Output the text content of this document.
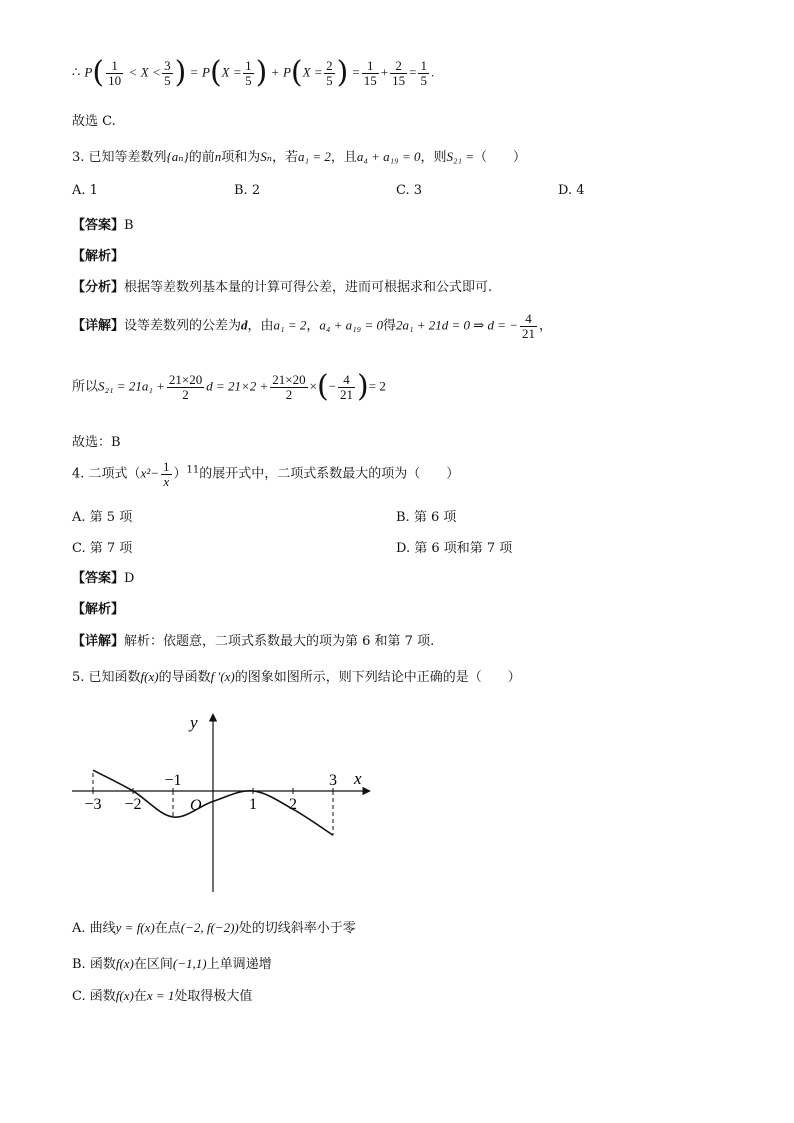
∴ $P( \frac{1}{10} < X < \frac{3}{5}$ ) = $P(X = \frac{1}{5}$ ) + $P(X = \frac{2}{5}$ ) = $\frac{1}{15} + \frac{2}{15} = \frac{1}{5}$ .
故选 C.
3. 已知等差数列{aₙ}的前n项和为Sₙ，若a₁ = 2，且a₄ + a₁₉ = 0，则S₂₁ =（　　）
A. 1	B. 2	C. 3	D. 4
【答案】B
【解析】
【分析】根据等差数列基本量的计算可得公差，进而可根据求和公式即可.
【详解】设等差数列的公差为d，由a₁ = 2，a₄ + a₁₉ = 0得2a₁ + 21d = 0 ⇒ d = − $\frac{4}{21}$ ，
所以$S_{21} = 21a_1 + \frac{21\times 20}{2}$ $d = 21\times 2 + \frac{21\times 20}{2}$ ×(− $\frac{4}{21}$ )= 2
故选：B
4. 二项式$(x^2- \frac{1}{x} )^{11}$的展开式中，二项式系数最大的项为（　　）
A. 第 5 项	B. 第 6 项
C. 第 7 项	D. 第 6 项和第 7 项
【答案】D
【解析】
【详解】解析：依题意，二项式系数最大的项为第 6 和第 7 项.
5. 已知函数f(x)的导函数f ′(x)的图象如图所示，则下列结论中正确的是（　　）
y
x
O
−3 −2
−1
1 2
3
A. 曲线y = f(x)在点(−2, f(−2))处的切线斜率小于零
B. 函数f(x)在区间(−1,1)上单调递增
C. 函数f(x)在x = 1处取得极大值
